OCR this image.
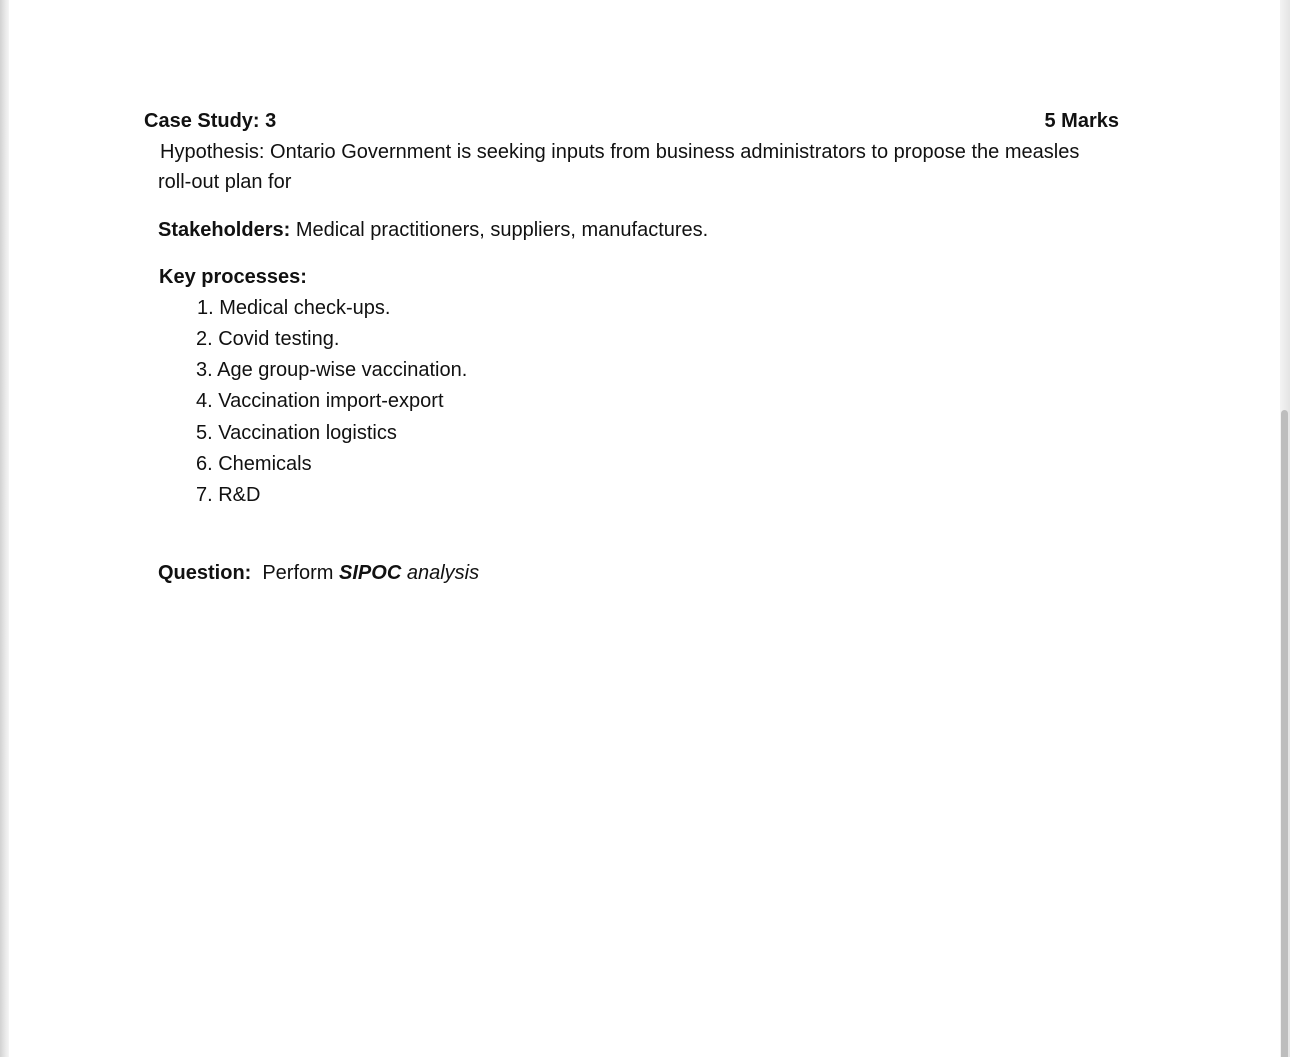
Case Study: 3	5 Marks
Hypothesis: Ontario Government is seeking inputs from business administrators to propose the measles
roll-out plan for
Stakeholders: Medical practitioners, suppliers, manufactures.
Key processes:
1. Medical check-ups.
2. Covid testing.
3. Age group-wise vaccination.
4. Vaccination import-export
5. Vaccination logistics
6. Chemicals
7. R&D
Question: Perform SIPOC analysis
